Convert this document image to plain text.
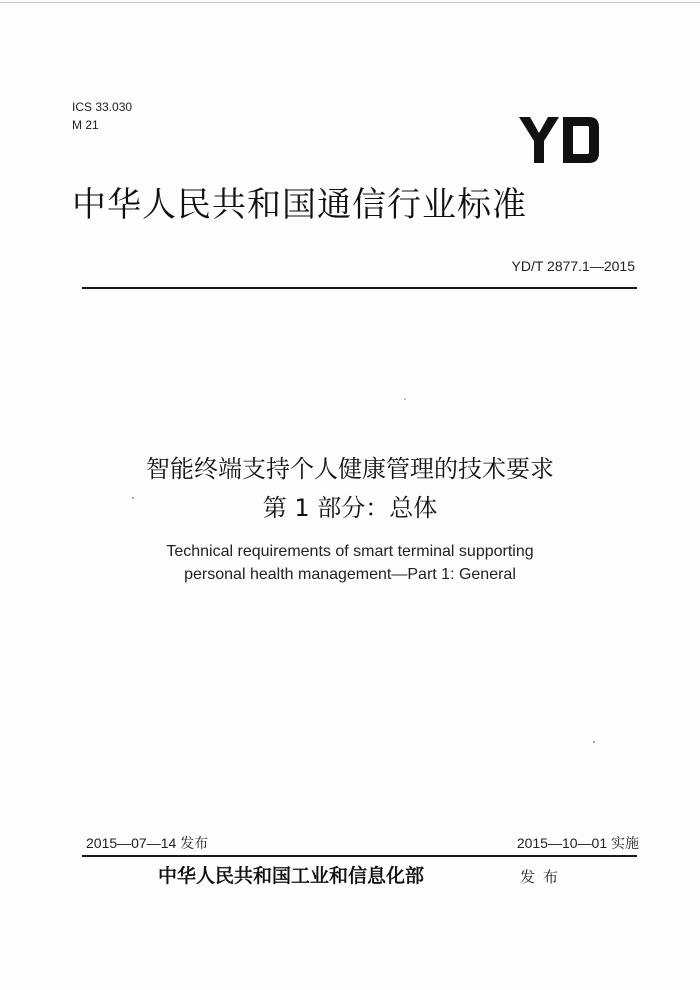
ICS 33.030
M 21
中华人民共和国通信行业标准
YD/T 2877.1—2015
智能终端支持个人健康管理的技术要求
第 1 部分：总体
Technical requirements of smart terminal supporting
personal health management—Part 1: General
2015—07—14 发布	2015—10—01 实施
中华人民共和国工业和信息化部	发布
